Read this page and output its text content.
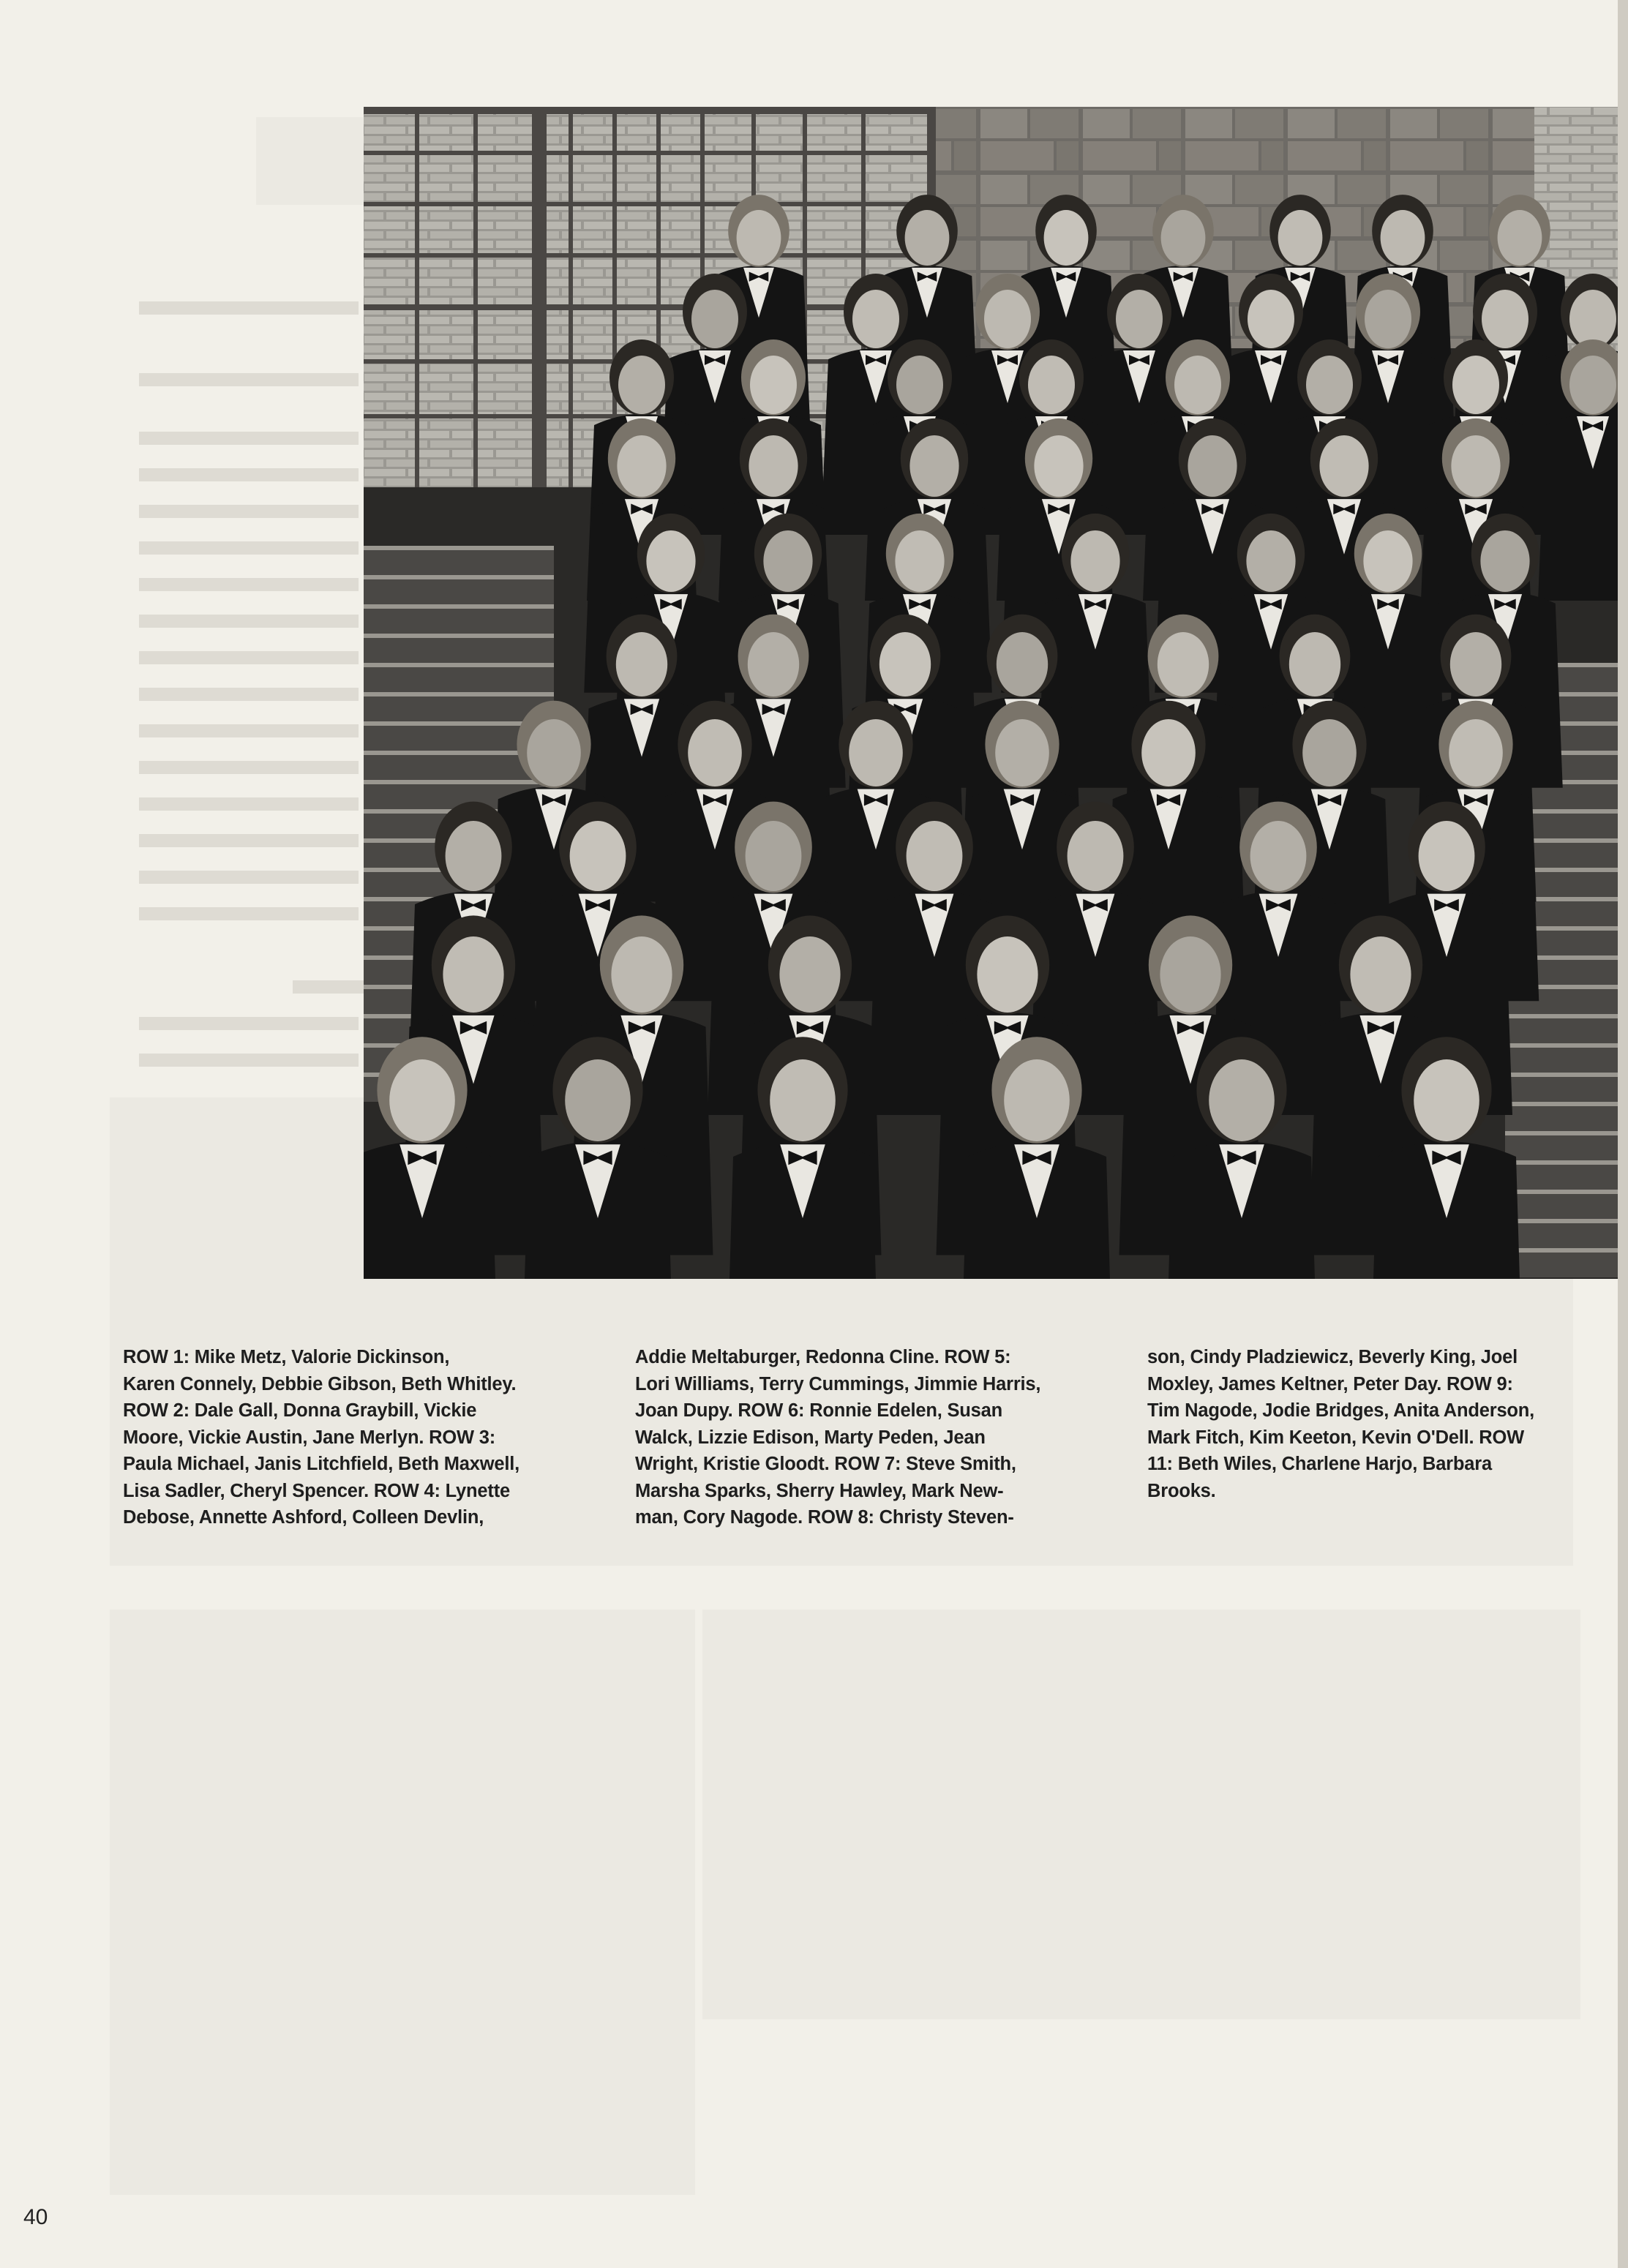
ROW 1: Mike Metz, Valorie Dickinson,
Karen Connely, Debbie Gibson, Beth Whitley.
ROW 2: Dale Gall, Donna Graybill, Vickie
Moore, Vickie Austin, Jane Merlyn. ROW 3:
Paula Michael, Janis Litchfield, Beth Maxwell,
Lisa Sadler, Cheryl Spencer. ROW 4: Lynette
Debose, Annette Ashford, Colleen Devlin,
Addie Meltaburger, Redonna Cline. ROW 5:
Lori Williams, Terry Cummings, Jimmie Harris,
Joan Dupy. ROW 6: Ronnie Edelen, Susan
Walck, Lizzie Edison, Marty Peden, Jean
Wright, Kristie Gloodt. ROW 7: Steve Smith,
Marsha Sparks, Sherry Hawley, Mark New-
man, Cory Nagode. ROW 8: Christy Steven-
son, Cindy Pladziewicz, Beverly King, Joel
Moxley, James Keltner, Peter Day. ROW 9:
Tim Nagode, Jodie Bridges, Anita Anderson,
Mark Fitch, Kim Keeton, Kevin O'Dell. ROW
11: Beth Wiles, Charlene Harjo, Barbara
Brooks.
40
